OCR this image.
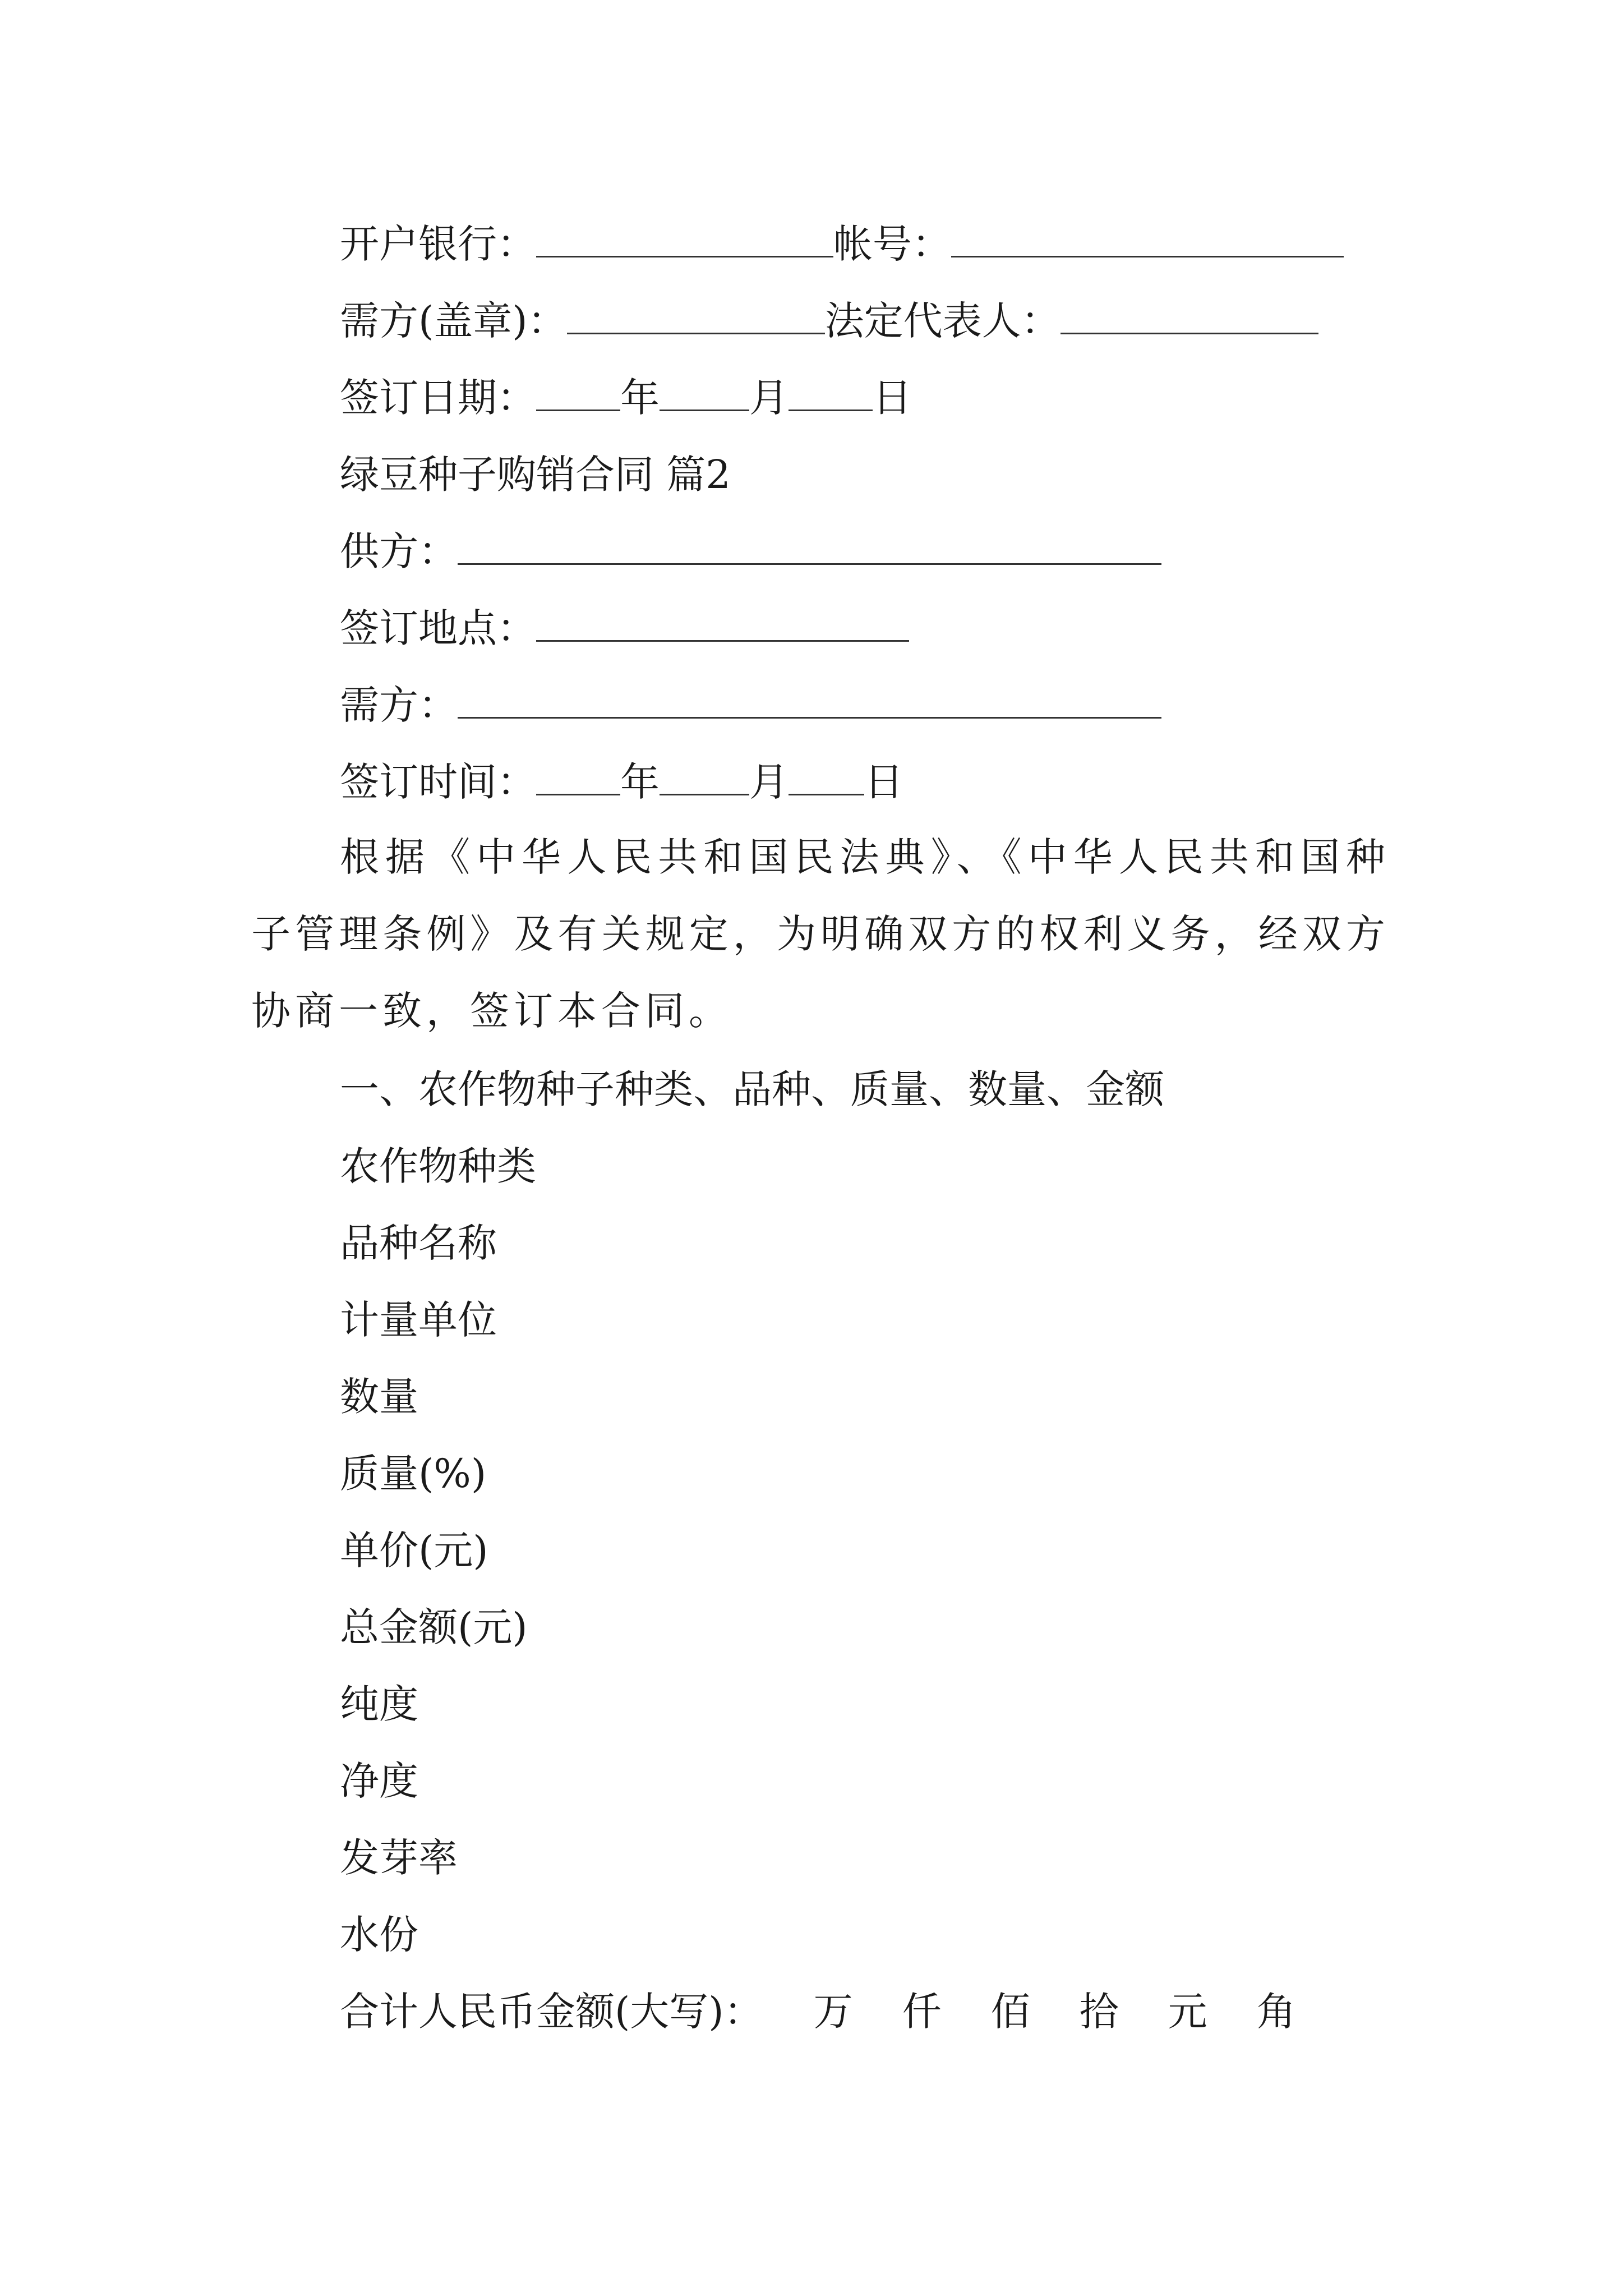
开户银行：	帐号：
需方(盖章)：	法定代表人：
签订日期： 年 月 日
绿豆种子购销合同 篇2
供方：
签订地点：
需方：
签订时间： 年 月 日
根据《中华人民共和国民法典》、《中华人民共和国种子管理条例》及有关规定，为明确双方的权利义务，经双方协商一致，签订本合同。
一、农作物种子种类、品种、质量、数量、金额
农作物种类
品种名称
计量单位
数量
质量(%)
单价(元)
总金额(元)
纯度
净度
发芽率
水份
合计人民币金额(大写)： 万 仟 佰 拾 元 角
